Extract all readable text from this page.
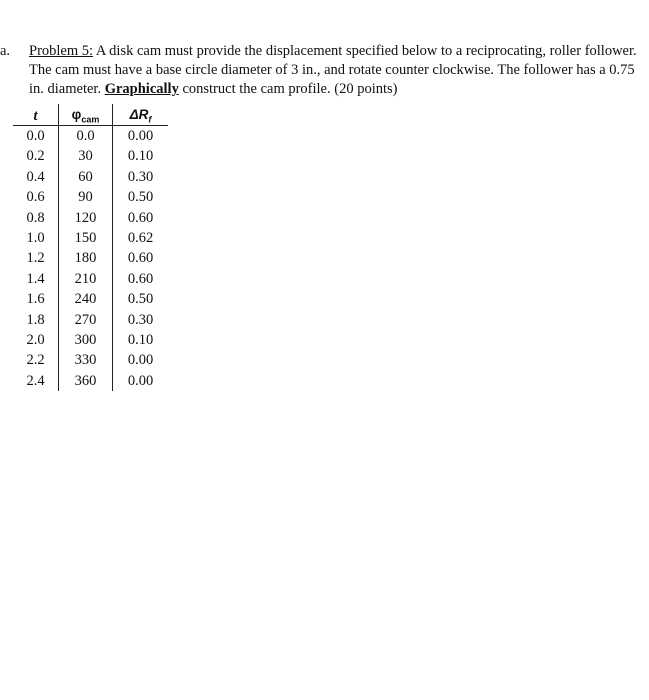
a. Problem 5: A disk cam must provide the displacement specified below to a reciprocating, roller follower. The cam must have a base circle diameter of 3 in., and rotate counter clockwise. The follower has a 0.75 in. diameter. Graphically construct the cam profile. (20 points)
t	$\varphi_{cam}$	$\Delta R_f$
0.0	0.0	0.00
0.2	30	0.10
0.4	60	0.30
0.6	90	0.50
0.8	120	0.60
1.0	150	0.62
1.2	180	0.60
1.4	210	0.60
1.6	240	0.50
1.8	270	0.30
2.0	300	0.10
2.2	330	0.00
2.4	360	0.00
